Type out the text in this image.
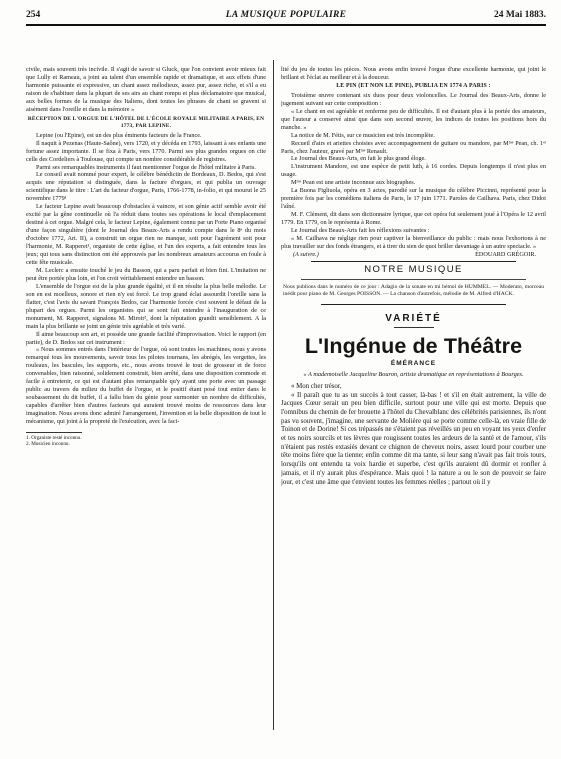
254	LA MUSIQUE POPULAIRE	24 Mai 1883.

civile, mais souvent très incivile. Il s'agit de savoir si Gluck, que l'on convient avoir mieux fait que Lully et Rameau, a joint au talent d'un ensemble rapide et dramatique, et aux effets d'une harmonie puissante et expressive, un chant assez mélodieux, assez pur, assez riche, et s'il a eu raison de s'habituer dans la plupart de ses airs au chant rompu et plus déclamatoire que musical, aux belles formes de la musique des Italiens, dont toutes les phrases de chant se gravent si aisément dans l'oreille et dans la mémoire »

RÉCEPTION DE L'ORGUE DE L'HÔTEL DE L'ÉCOLE ROYALE MILITAIRE A PARIS, EN 1773, PAR LEPINE.

Lepine (ou l'Epine), est un des plus éminents facteurs de la France.

Il naquit à Pezenas (Haute-Saône), vers 1720, et y décéda en 1793, laissant à ses enfants une fortune assez importante. Il se fixa à Paris, vers 1770. Parmi ses plus grandes orgues on cite celle des Cordeliers à Toulouse, qui compte un nombre considérable de registres.

Parmi ses remarquables instruments il faut mentionner l'orgue de l'hôtel militaire à Paris.

Le conseil avait nommé pour expert, le célèbre bénédictin de Bordeaux, D. Bedos, qui s'est acquis une réputation si distinguée, dans la facture d'orgues, et qui publia un ouvrage scientifique dans le titre : L'art du facteur d'orgue, Paris, 1766-1778, in-folio, et qui mourut le 25 novembre 1779¹

Le facteur Lepine avait beaucoup d'obstacles à vaincre, et son génie actif semble avoir été excité par la gêne continuelle où l'a réduit dans toutes ses opérations le local d'emplacement destiné à cet orgue. Malgré cela, le facteur Lepine, également connu par un Forte Piano organisé d'une façon singulière (dont le Journal des Beaux-Arts a rendu compte dans le 8ᵉ du mois d'octobre 1772, Art. II), a construit un orgue rien ne manque, soit pour l'agrément soit pour l'harmonie, M. Rapperet¹, organiste de cette église, et l'un des experts, a fait entendre tous les jeux; qui tous sans distinction ont été approuvés par les nombreux amateurs accourus en foule à cette fête musicale.

M. Leclerc a ensuite touché le jeu du Basson, qui a paru parfait et bien fini. L'imitation ne peut être portée plus loin, et l'on croit véritablement entendre un basson.

L'ensemble de l'orgue est de la plus grande égalité, et il en résulte la plus belle mélodie. Le son en est moelleux, sonore et rien n'y est forcé. Le trop grand éclat assourdit l'oreille sans la flatter, c'est l'avis du savant François Bedos, car l'harmonie forcée c'est souvent le défaut de la plupart des orgues. Parmi les organistes qui se sont fait entendre à l'inauguration de ce monument, M. Rapperet, signalons M. Miroir², dont la réputation grandit sensiblement. A la main la plus brillante se joint un génie très agréable et très varié.

Il aime beaucoup son art, et possède une grande facilité d'improvisation. Voici le rapport (en partie), de D. Bedos sur cet instrument :

« Nous sommes entrés dans l'intérieur de l'orgue, où sont toutes les machines, nous y avons remarqué tous les mouvements, savoir tous les pilotes tournans, les abrégés, les vergettes, les rouleaux, les bascules, les supports, etc., nous avons trouvé le tout de grosseur et de force convenables, bien raisonné, solidement construit, bien arrêté, dans une disposition commode et facile à entretenir, ce qui est d'autant plus remarquable qu'y ayant une porte avec un passage public au travers du milieu du buffet de l'orgue, et le positif étant posé tout entier dans le soubassement du dit buffet, il a fallu bien du génie pour surmonter un nombre de difficultés, capables d'arrêter bien d'autres facteurs qui auraient trouvé moins de ressources dans leur imagination. Nous avons donc admiré l'arrangement, l'invention et la belle disposition de tout le mécanisme, qui joint à la propreté de l'exécution, avec la faci-

1. Organiste resté inconnu.

2. Musicien inconnu.

lité du jeu de toutes les pièces. Nous avons enfin trouvé l'orgue d'une excellente harmonie, qui joint le brillant et l'éclat au meilleur et à la douceur.

LE PIN (ET NON LE PINE), PUBLIA EN 1774 A PARIS :

Troisième œuvre contenant six duos pour deux violoncelles. Le Journal des Beaux-Arts, donne le jugement suivant sur cette composition :

« Le chant en est agréable et renferme peu de difficultés. Il est d'autant plus à la portée des amateurs, que l'auteur a conservé ainsi que dans son second œuvre, les indices de toutes les positions hors du manche. »

La notice de M. Fétis, sur ce musicien est très incomplète.

Recueil d'airs et ariettes choisies avec accompagnement de guitare ou mandore, par Mᵐᵉ Pean, ch. 1ᵉʳ Paris, chez l'auteur, gravé par Mᵐᵉ Renault.

Le Journal des Beaux-Arts, en fait le plus grand éloge.

L'instrument Mandore, est une espèce de petit luth, à 16 cordes. Depuis longtemps il n'est plus en usage.

Mᵐᵉ Pean est une artiste inconnue aux biographes.

La Buona Figliuola, opéra en 3 actes, parodié sur la musique du célèbre Piccinni, représenté pour la première fois par les comédiens italiens de Paris, le 17 juin 1771. Paroles de Cailhava. Paris, chez Didot l'aîné.

M. F. Clément, dit dans son dictionnaire lyrique, que cet opéra fut seulement joué à l'Opéra le 12 avril 1779. En 1779, on le représenta à Rome.

Le Journal des Beaux-Arts fait les réflexions suivantes :

« M. Cailhava ne néglige rien pour captiver la bienveillance du public : mais nous l'exhortons à ne plus travailler sur des fonds étrangers, et à tirer du sien de quoi briller davantage à un autre spectacle. »

(A suivre.)	ÉDOUARD GRÉGOIR.

NOTRE MUSIQUE

Nous publions dans le numéro de ce jour : Adagio de la sonate en mi bémol de HUMMEL. — Moderato, morceau inédit pour piano de M. Georges POISSON. — La chanson d'autrefois, mélodie de M. Alfred d'HACK.

VARIÉTÉ
L'Ingénue de Théâtre

ÉMÉRANCE

« A mademoiselle Jacqueline Bouron, artiste dramatique en représentations à Bourges.

« Mon cher trésor,

« Il paraît que tu as un succès à tout casser, là-bas ! et s'il en était autrement, la ville de Jacques Cœur serait un peu bien difficile, surtout pour une ville qui est morte. Depuis que l'omnibus du chemin de fer brouette à l'hôtel du Chevalblanc des célébrités parisiennes, ils n'ont pas vu souvent, j'imagine, une servante de Molière qui se porte comme celle-là, en vraie fille de Toinon et de Dorine! Si ces trépassés ne s'étaient pas réveillés un peu en voyant tes yeux d'enfer et tes noirs sourcils et tes lèvres que rougissent toutes les ardeurs de la santé et de l'amour, s'ils n'étaient pas restés extasiés devant ce chignon de cheveux noirs, assez lourd pour courber une tête moins fière que la tienne; enfin comme dit ma tante, si leur sang n'avait pas fait trois tours, lorsqu'ils ont entendu ta voix hardie et superbe, c'est qu'ils auraient dû dormir et ronfler à jamais, et il n'y aurait plus d'espérance. Mais quoi ! la nature a ou le son de pouvoir se faire jour, et c'est une âme que t'envient toutes les femmes réelles ; partout où il y
